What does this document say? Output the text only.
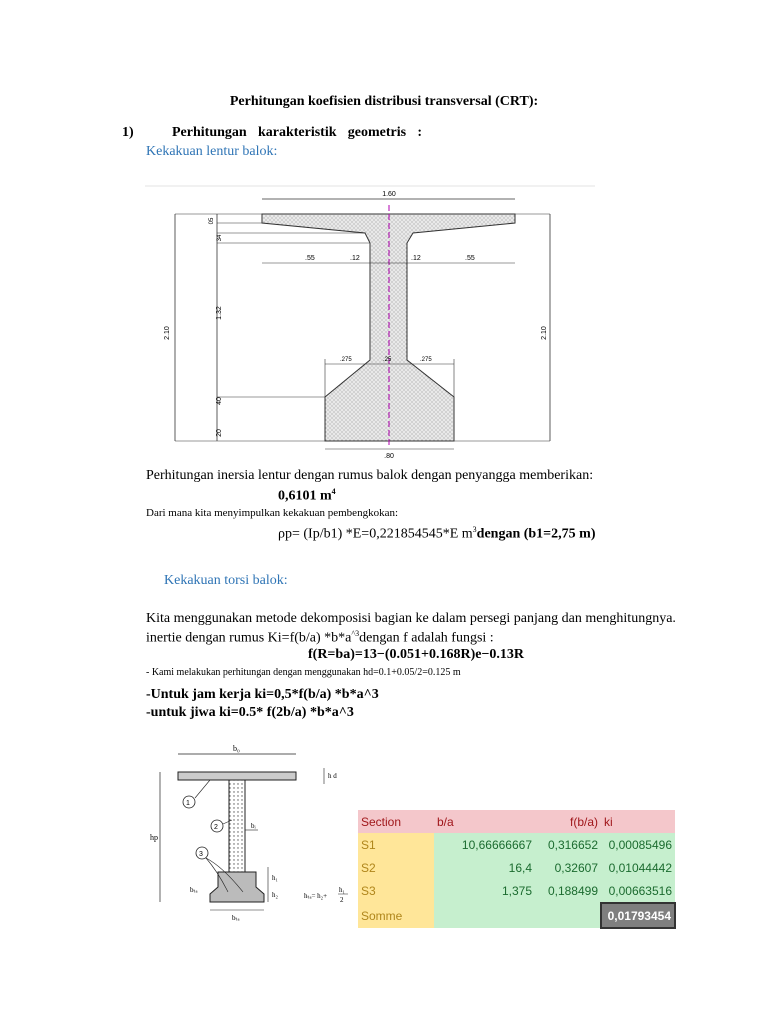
Perhitungan koefisien distribusi transversal (CRT):
1)	Perhitungan karakteristik geometris :
Kekakuan lentur balok:
1.60
2.10	2.10
05
34
1.32
40
20
.55	.12	.12	.55
.275	.25	.275
.80
Perhitungan inersia lentur dengan rumus balok dengan penyangga memberikan:
0,6101 $m^4$
Dari mana kita menyimpulkan kekakuan pembengkokan:
ρp= (Ip/b1) *E=0,221854545*E $m^3dengan$ (b1=2,75 m)
Kekakuan torsi balok:
Kita menggunakan metode dekomposisi bagian ke dalam persegi panjang dan menghitungnya.
inertie dengan rumus Ki=f(b/a) $*b*a^{\^{}3}dengan$ f adalah fungsi :
f(R=ba)=13−(0.051+0.168R)e−0.13R
- Kami melakukan perhitungan dengan menggunakan hd=0.1+0.05/2=0.125 m
-Untuk jam kerja ki=0,5*f(b/a) *b*a^3
-untuk jiwa ki=0.5* f(2b/a) *b*a^3
b₀
h d
hp
1
2
3
bᵢ
h₁
h₂
bₜₐ
bₜₐ
hₜₐ= h₂+
h₁
2
Section	b/a	f(b/a)	ki
S1	10,66666667	0,316652	0,00085496
S2	16,4	0,32607	0,01044442
S3	1,375	0,188499	0,00663516
Somme			0,01793454
